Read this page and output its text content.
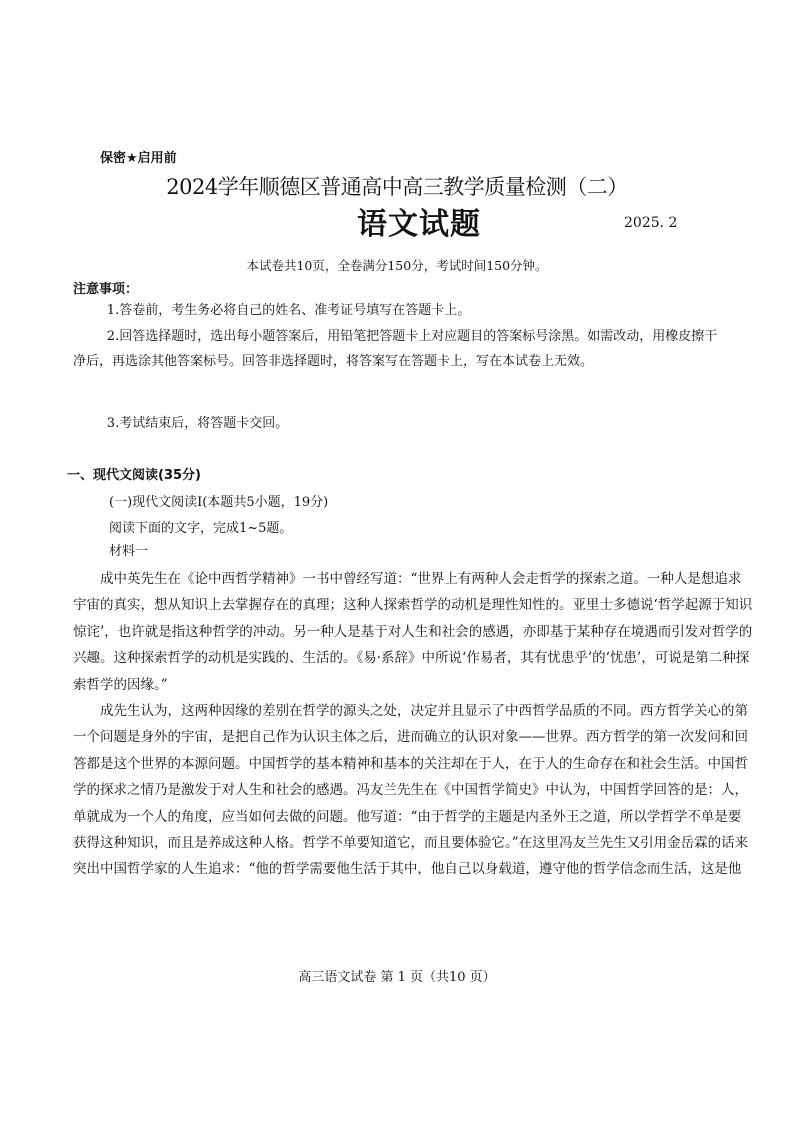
保密★启用前
2024学年顺德区普通高中高三教学质量检测（二）
语文试题	2025. 2
本试卷共10页，全卷满分150分，考试时间150分钟。
注意事项：
1.答卷前，考生务必将自己的姓名、准考证号填写在答题卡上。
2.回答选择题时，选出每小题答案后，用铅笔把答题卡上对应题目的答案标号涂黑。如需改动，用橡皮擦干净后，再选涂其他答案标号。回答非选择题时，将答案写在答题卡上，写在本试卷上无效。
3.考试结束后，将答题卡交回。
一、现代文阅读(35分)
(一)现代文阅读Ⅰ(本题共5小题，19分)
阅读下面的文字，完成1~5题。
材料一

成中英先生在《论中西哲学精神》一书中曾经写道：“世界上有两种人会走哲学的探索之道。一种人是想追求宇宙的真实，想从知识上去掌握存在的真理；这种人探索哲学的动机是理性知性的。亚里士多德说‘哲学起源于知识惊诧’，也许就是指这种哲学的冲动。另一种人是基于对人生和社会的感遇，亦即基于某种存在境遇而引发对哲学的兴趣。这种探索哲学的动机是实践的、生活的。《易·系辞》中所说‘作易者，其有忧患乎’的‘忧患’，可说是第二种探索哲学的因缘。”

成先生认为，这两种因缘的差别在哲学的源头之处，决定并且显示了中西哲学品质的不同。西方哲学关心的第一个问题是身外的宇宙，是把自己作为认识主体之后，进而确立的认识对象——世界。西方哲学的第一次发问和回答都是这个世界的本源问题。中国哲学的基本精神和基本的关注却在于人，在于人的生命存在和社会生活。中国哲学的探求之情乃是激发于对人生和社会的感遇。冯友兰先生在《中国哲学简史》中认为，中国哲学回答的是：人，单就成为一个人的角度，应当如何去做的问题。他写道：“由于哲学的主题是内圣外王之道，所以学哲学不单是要获得这种知识，而且是养成这种人格。哲学不单要知道它，而且要体验它。”在这里冯友兰先生又引用金岳霖的话来突出中国哲学家的人生追求：“他的哲学需要他生活于其中，他自己以身载道，遵守他的哲学信念而生活，这是他

高三语文试卷 第 1 页（共10 页）
